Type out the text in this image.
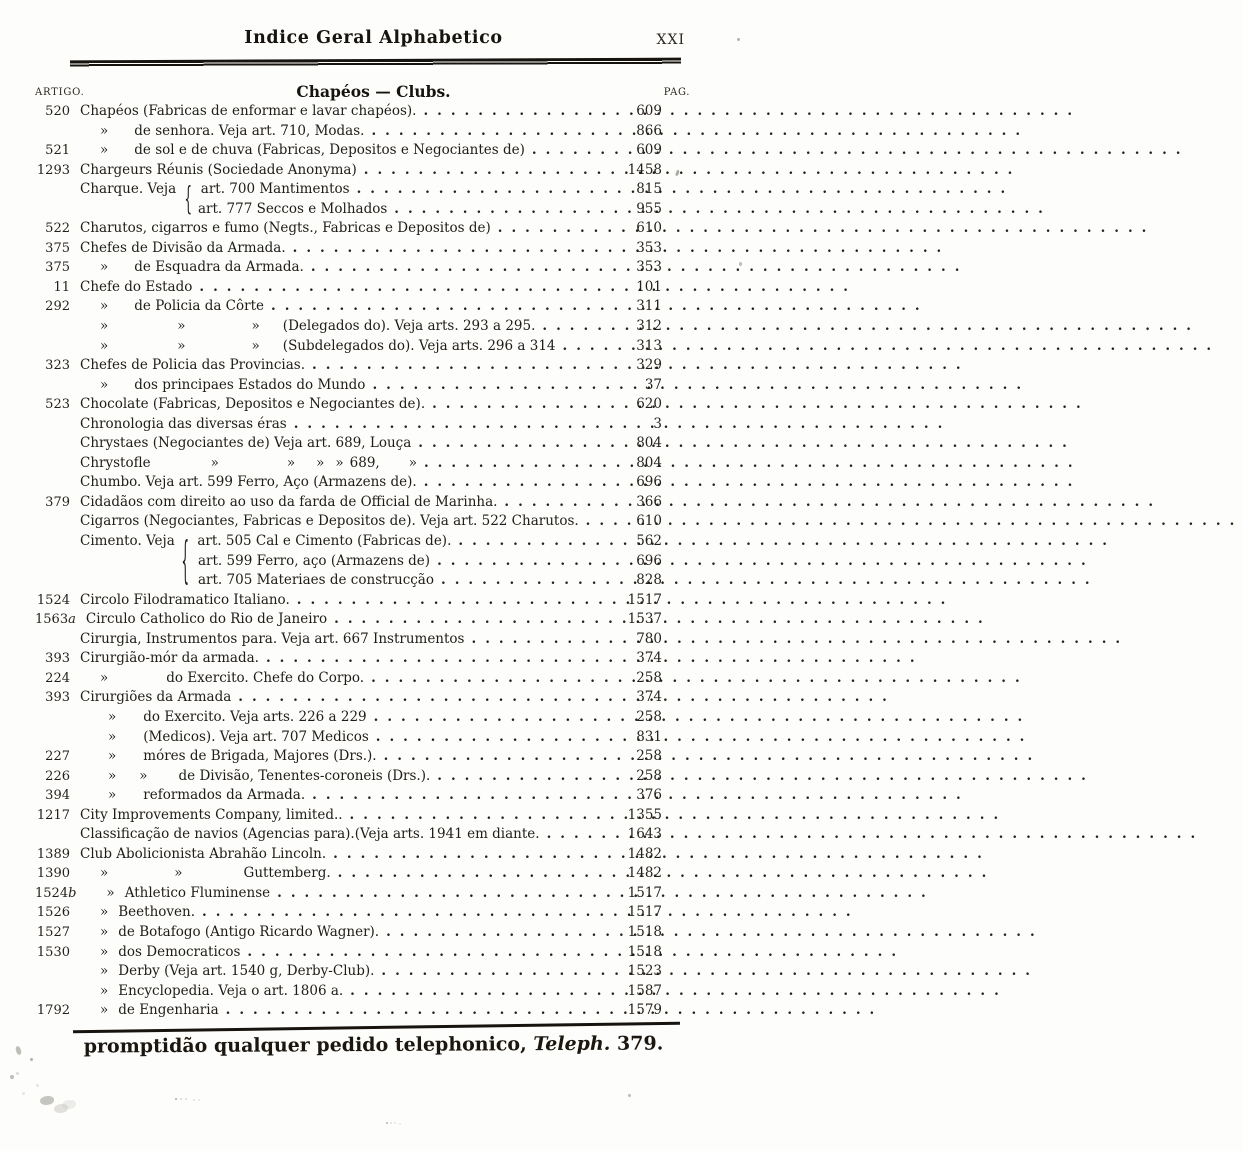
Indice Geral Alphabetico	XXI
ARTIGO.	Chapéos — Clubs.	PAG.
520 Chapéos (Fabricas de enformar e lavar chapéos). .....	609
» de senhora. Veja art. 710, Modas. .....	866
521	» de sol e de chuva (Fabricas, Depositos e Negociantes de) .....	609
1293 Chargeurs Réunis (Sociedade Anonyma) .....	1458
Charque. Veja { art. 700 Mantimentos .....	815
art. 777 Seccos e Molhados .....	955
522 Charutos, cigarros e fumo (Negts., Fabricas e Depositos de) .....	610
375 Chefes de Divisão da Armada. .....	353
375	» de Esquadra da Armada. .....	353
11 Chefe do Estado .....	101
292	» de Policia da Côrte .....	311
»	»	» (Delegados do). Veja arts. 293 a 295. .....	312
»	»	» (Subdelegados do). Veja arts. 296 a 314 .....	313
323 Chefes de Policia das Provincias. .....	329
» dos principaes Estados do Mundo .....	37
523 Chocolate (Fabricas, Depositos e Negociantes de). .....	620
Chronologia das diversas éras .....	3
Chrystaes (Negociantes de) Veja art. 689, Louça .....	804
Chrystofle	»	» » » 689, » .....	804
Chumbo. Veja art. 599 Ferro, Aço (Armazens de). .....	696
379 Cidadãos com direito ao uso da farda de Official de Marinha. .....	366
Cigarros (Negociantes, Fabricas e Depositos de). Veja art. 522 Charutos. .....	610
Cimento. Veja { art. 505 Cal e Cimento (Fabricas de). .....	562
art. 599 Ferro, aço (Armazens de) .....	696
art. 705 Materiaes de construcção .....	828
1524 Circolo Filodramatico Italiano. .....	1517
1563a Circulo Catholico do Rio de Janeiro .....	1537
Cirurgia, Instrumentos para. Veja art. 667 Instrumentos .....	780
393 Cirurgião-mór da armada. .....	374
224	»	do Exercito. Chefe do Corpo. .....	258
393 Cirurgiões da Armada .....	374
» do Exercito. Veja arts. 226 a 229 .....	258
» (Medicos). Veja art. 707 Medicos .....	831
227	» móres de Brigada, Majores (Drs.). .....	258
226	» » de Divisão, Tenentes-coroneis (Drs.). .....	258
394	» reformados da Armada. .....	376
1217 City Improvements Company, limited.. .....	1355
Classificação de navios (Agencias para).(Veja arts. 1941 em diante. .....	1643
1389 Club Abolicionista Abrahão Lincoln. .....	1482
1390	»	»	Guttemberg. .....	1482
1524b	» Athletico Fluminense .....	1517
1526	» Beethoven. .....	1517
1527	» de Botafogo (Antigo Ricardo Wagner). .....	1518
1530	» dos Democraticos .....	1518
» Derby (Veja art. 1540 g, Derby-Club). .....	1523
» Encyclopedia. Veja o art. 1806 a. .....	1587
1792	» de Engenharia .....	1579
promptidão qualquer pedido telephonico, Teleph. 379.
